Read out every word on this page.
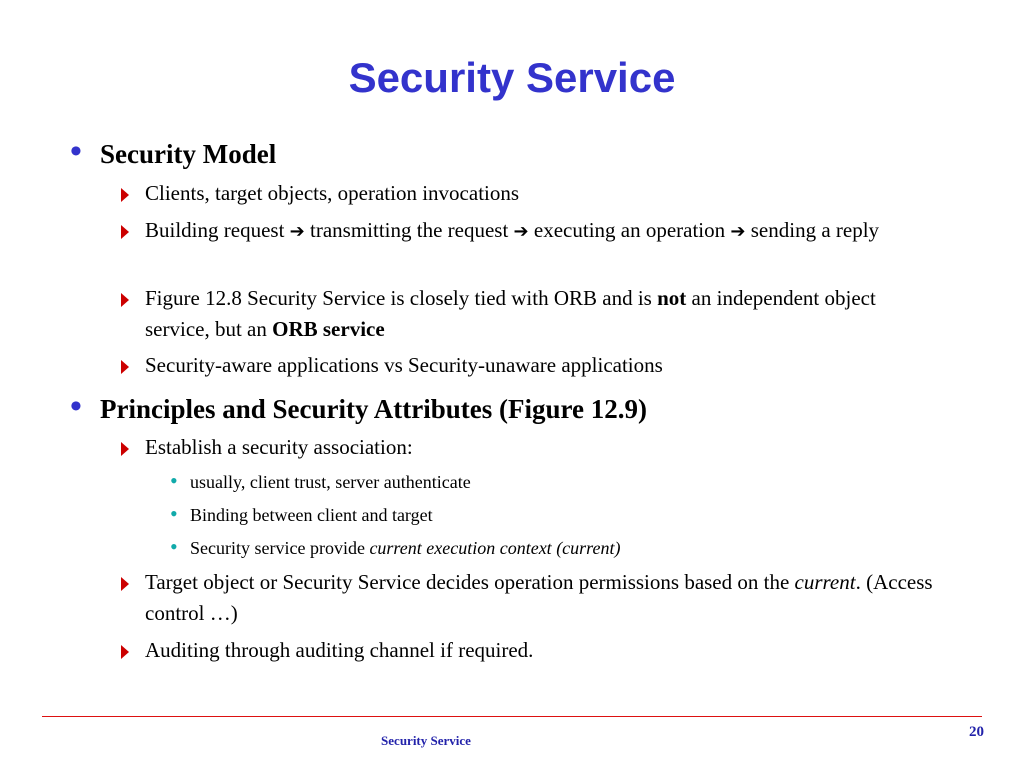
Security Service
• Security Model
Clients, target objects, operation invocations
Building request ➔ transmitting the request ➔ executing an operation ➔ sending a reply
Figure 12.8 Security Service is closely tied with ORB and is not an independent object service, but an ORB service
Security-aware applications vs Security-unaware applications
• Principles and Security Attributes (Figure 12.9)
Establish a security association:
• usually, client trust, server authenticate
• Binding between client and target
• Security service provide current execution context (current)
Target object or Security Service decides operation permissions based on the current. (Access control …)
Auditing through auditing channel if required.
Security Service
20
